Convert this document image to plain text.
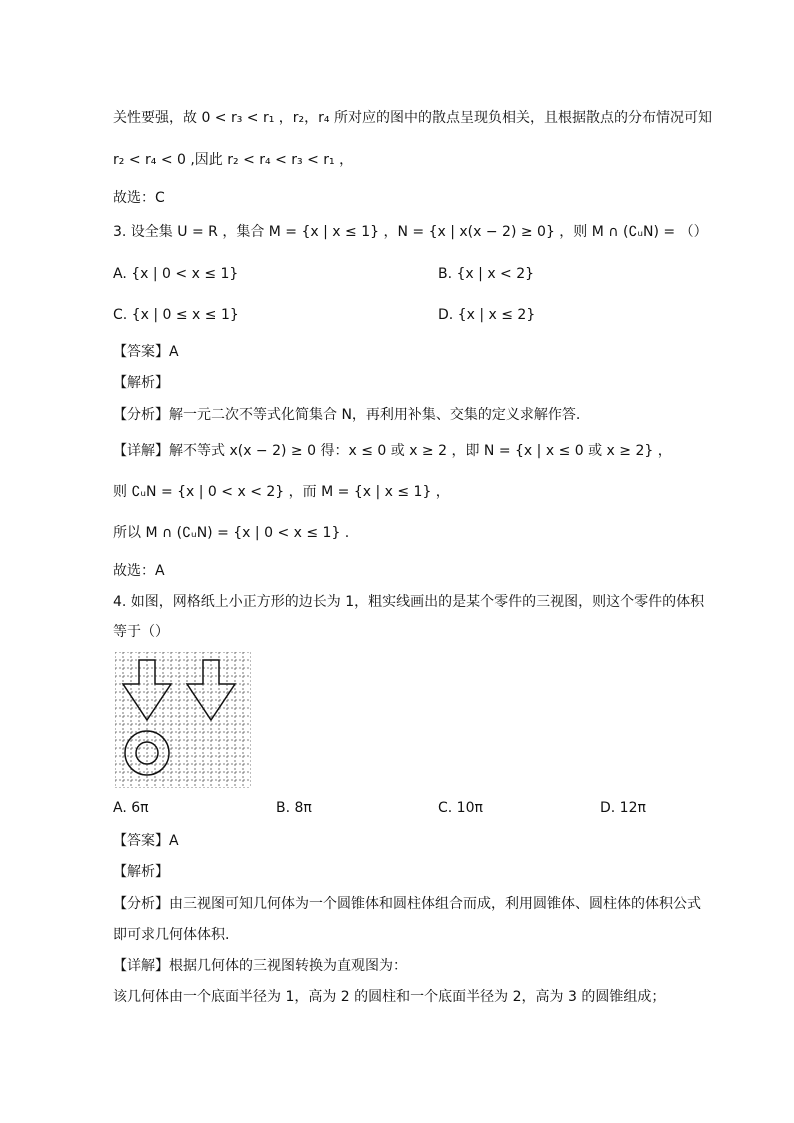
关性要强，故 0 < r₃ < r₁ ，r₂，r₄ 所对应的图中的散点呈现负相关，且根据散点的分布情况可知
r₂ < r₄ < 0 ,因此 r₂ < r₄ < r₃ < r₁ ，
故选：C
3. 设全集 U = R ，集合 M = {x | x ≤ 1} ，N = {x | x(x − 2) ≥ 0} ，则 M ∩ (∁ᵤN) = （）
A. {x | 0 < x ≤ 1}	B. {x | x < 2}
C. {x | 0 ≤ x ≤ 1}	D. {x | x ≤ 2}
【答案】A
【解析】
【分析】解一元二次不等式化简集合 N，再利用补集、交集的定义求解作答.
【详解】解不等式 x(x − 2) ≥ 0 得：x ≤ 0 或 x ≥ 2 ，即 N = {x | x ≤ 0 或 x ≥ 2} ，
则 ∁ᵤN = {x | 0 < x < 2} ，而 M = {x | x ≤ 1} ，
所以 M ∩ (∁ᵤN) = {x | 0 < x ≤ 1} .
故选：A
4. 如图，网格纸上小正方形的边长为 1，粗实线画出的是某个零件的三视图，则这个零件的体积
等于（）
A. 6π	B. 8π	C. 10π	D. 12π
【答案】A
【解析】
【分析】由三视图可知几何体为一个圆锥体和圆柱体组合而成，利用圆锥体、圆柱体的体积公式
即可求几何体体积.
【详解】根据几何体的三视图转换为直观图为：
该几何体由一个底面半径为 1，高为 2 的圆柱和一个底面半径为 2，高为 3 的圆锥组成；
